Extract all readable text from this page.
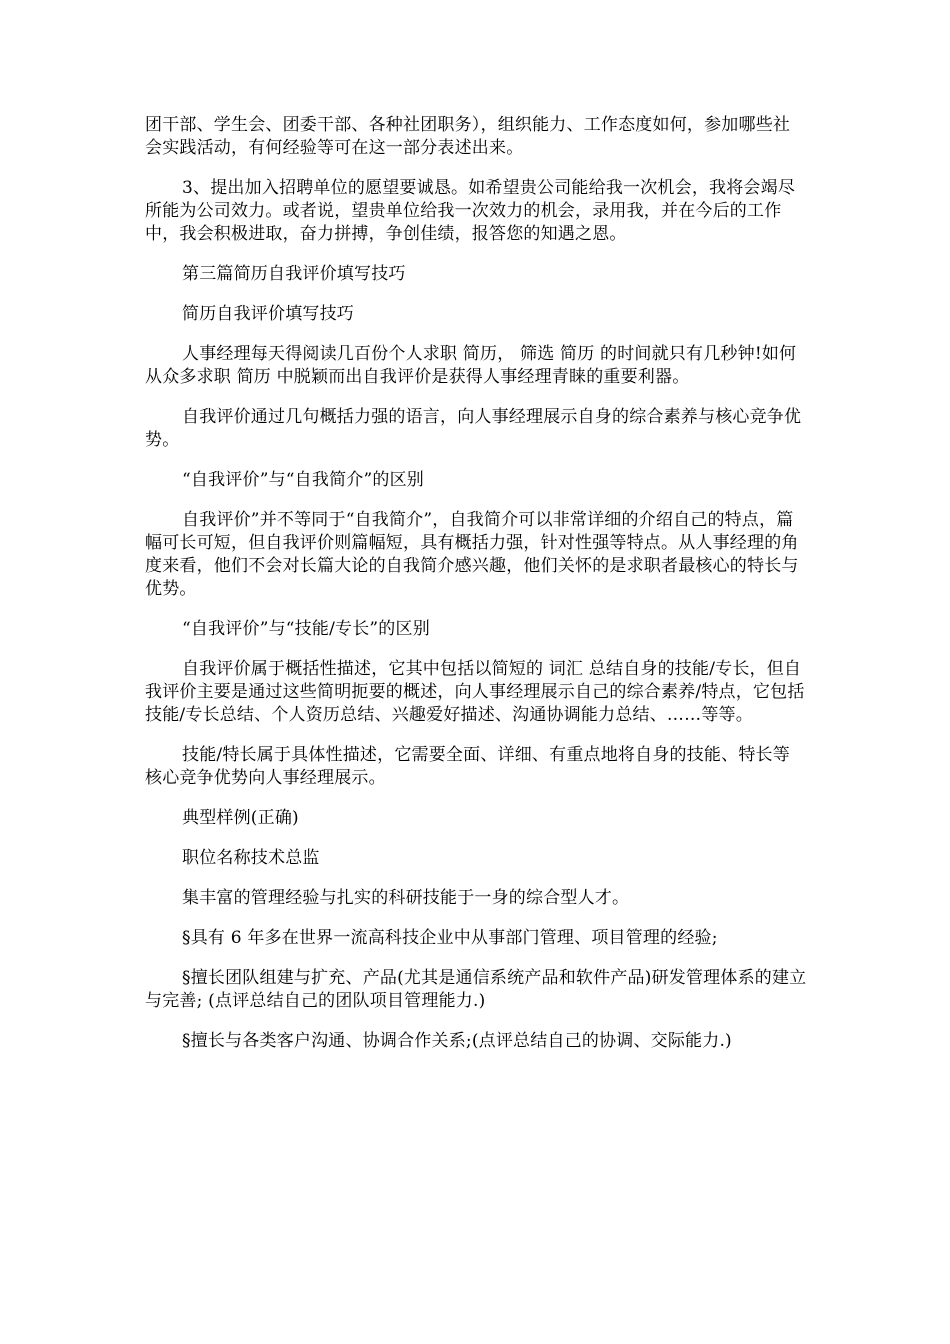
团干部、学生会、团委干部、各种社团职务），组织能力、工作态度如何，参加哪些社会实践活动，有何经验等可在这一部分表述出来。

3、提出加入招聘单位的愿望要诚恳。如希望贵公司能给我一次机会，我将会竭尽所能为公司效力。或者说，望贵单位给我一次效力的机会，录用我，并在今后的工作中，我会积极进取，奋力拼搏，争创佳绩，报答您的知遇之恩。

第三篇简历自我评价填写技巧

简历自我评价填写技巧

人事经理每天得阅读几百份个人求职 简历， 筛选 简历 的时间就只有几秒钟!如何从众多求职 简历 中脱颖而出自我评价是获得人事经理青睐的重要利器。

自我评价通过几句概括力强的语言，向人事经理展示自身的综合素养与核心竞争优势。

“自我评价”与“自我简介”的区别

自我评价”并不等同于“自我简介”，自我简介可以非常详细的介绍自己的特点，篇幅可长可短，但自我评价则篇幅短，具有概括力强，针对性强等特点。从人事经理的角度来看，他们不会对长篇大论的自我简介感兴趣，他们关怀的是求职者最核心的特长与优势。

“自我评价”与“技能/专长”的区别

自我评价属于概括性描述，它其中包括以简短的 词汇 总结自身的技能/专长，但自我评价主要是通过这些简明扼要的概述，向人事经理展示自己的综合素养/特点，它包括技能/专长总结、个人资历总结、兴趣爱好描述、沟通协调能力总结、……等等。

技能/特长属于具体性描述，它需要全面、详细、有重点地将自身的技能、特长等核心竞争优势向人事经理展示。

典型样例(正确)

职位名称技术总监

集丰富的管理经验与扎实的科研技能于一身的综合型人才。

§具有 6 年多在世界一流高科技企业中从事部门管理、项目管理的经验;

§擅长团队组建与扩充、产品(尤其是通信系统产品和软件产品)研发管理体系的建立与完善; (点评总结自己的团队项目管理能力.)

§擅长与各类客户沟通、协调合作关系;(点评总结自己的协调、交际能力.)
